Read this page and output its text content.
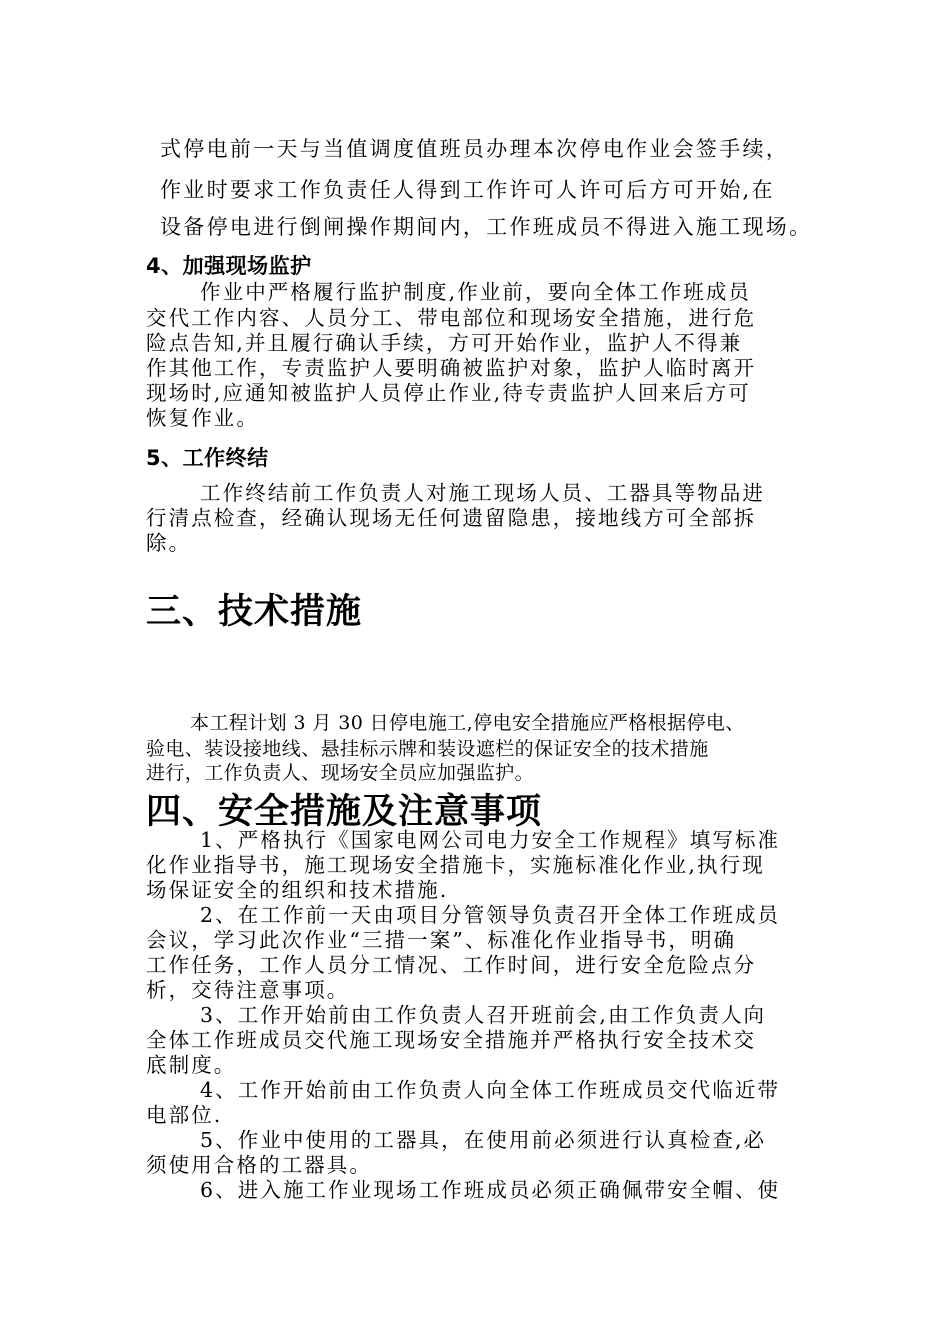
式停电前一天与当值调度值班员办理本次停电作业会签手续，

作业时要求工作负责任人得到工作许可人许可后方可开始,在

设备停电进行倒闸操作期间内，工作班成员不得进入施工现场。

4、加强现场监护

作业中严格履行监护制度,作业前，要向全体工作班成员

交代工作内容、人员分工、带电部位和现场安全措施，进行危

险点告知,并且履行确认手续，方可开始作业，监护人不得兼

作其他工作，专责监护人要明确被监护对象，监护人临时离开

现场时,应通知被监护人员停止作业,待专责监护人回来后方可

恢复作业。

5、工作终结

工作终结前工作负责人对施工现场人员、工器具等物品进

行清点检查，经确认现场无任何遗留隐患，接地线方可全部拆

除。

三、技术措施

本工程计划 3 月 30 日停电施工,停电安全措施应严格根据停电、

验电、装设接地线、悬挂标示牌和装设遮栏的保证安全的技术措施

进行，工作负责人、现场安全员应加强监护。

四、安全措施及注意事项

1、严格执行《国家电网公司电力安全工作规程》填写标准

化作业指导书，施工现场安全措施卡，实施标准化作业,执行现

场保证安全的组织和技术措施.

2、在工作前一天由项目分管领导负责召开全体工作班成员

会议，学习此次作业“三措一案”、标准化作业指导书，明确

工作任务，工作人员分工情况、工作时间，进行安全危险点分

析，交待注意事项。

3、工作开始前由工作负责人召开班前会,由工作负责人向

全体工作班成员交代施工现场安全措施并严格执行安全技术交

底制度。

4、工作开始前由工作负责人向全体工作班成员交代临近带

电部位.

5、作业中使用的工器具，在使用前必须进行认真检查,必

须使用合格的工器具。

6、进入施工作业现场工作班成员必须正确佩带安全帽、使
